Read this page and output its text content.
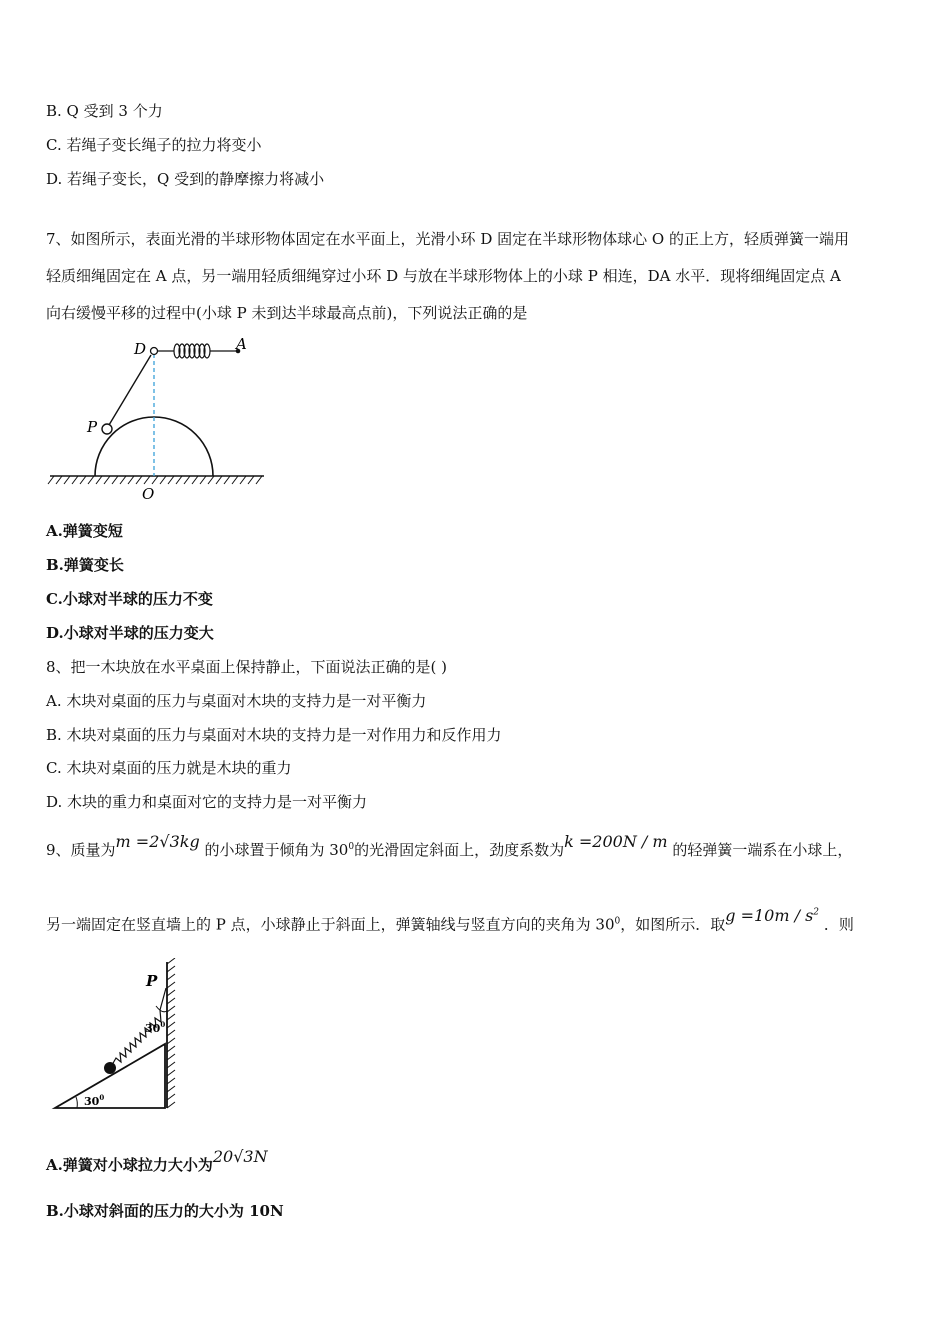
B. Q 受到 3 个力
C. 若绳子变长绳子的拉力将变小
D. 若绳子变长，Q 受到的静摩擦力将减小
7、如图所示，表面光滑的半球形物体固定在水平面上，光滑小环 D 固定在半球形物体球心 O 的正上方，轻质弹簧一端用
轻质细绳固定在 A 点，另一端用轻质细绳穿过小环 D 与放在半球形物体上的小球 P 相连，DA 水平．现将细绳固定点 A
向右缓慢平移的过程中(小球 P 未到达半球最高点前)，下列说法正确的是
D	A
P
O
A.弹簧变短
B.弹簧变长
C.小球对半球的压力不变
D.小球对半球的压力变大
8、把一木块放在水平桌面上保持静止，下面说法正确的是( )
A. 木块对桌面的压力与桌面对木块的支持力是一对平衡力
B. 木块对桌面的压力与桌面对木块的支持力是一对作用力和反作用力
C. 木块对桌面的压力就是木块的重力
D. 木块的重力和桌面对它的支持力是一对平衡力
9、质量为m =2√3kg 的小球置于倾角为 $30^0$的光滑固定斜面上，劲度系数为k =200N / m 的轻弹簧一端系在小球上，
另一端固定在竖直墙上的 P 点，小球静止于斜面上，弹簧轴线与竖直方向的夹角为 $30^0$，如图所示．取$g =10m / s^2$ ．则
P
$30^0$
$30^0$
A.弹簧对小球拉力大小为20√3N
B.小球对斜面的压力的大小为 10N
